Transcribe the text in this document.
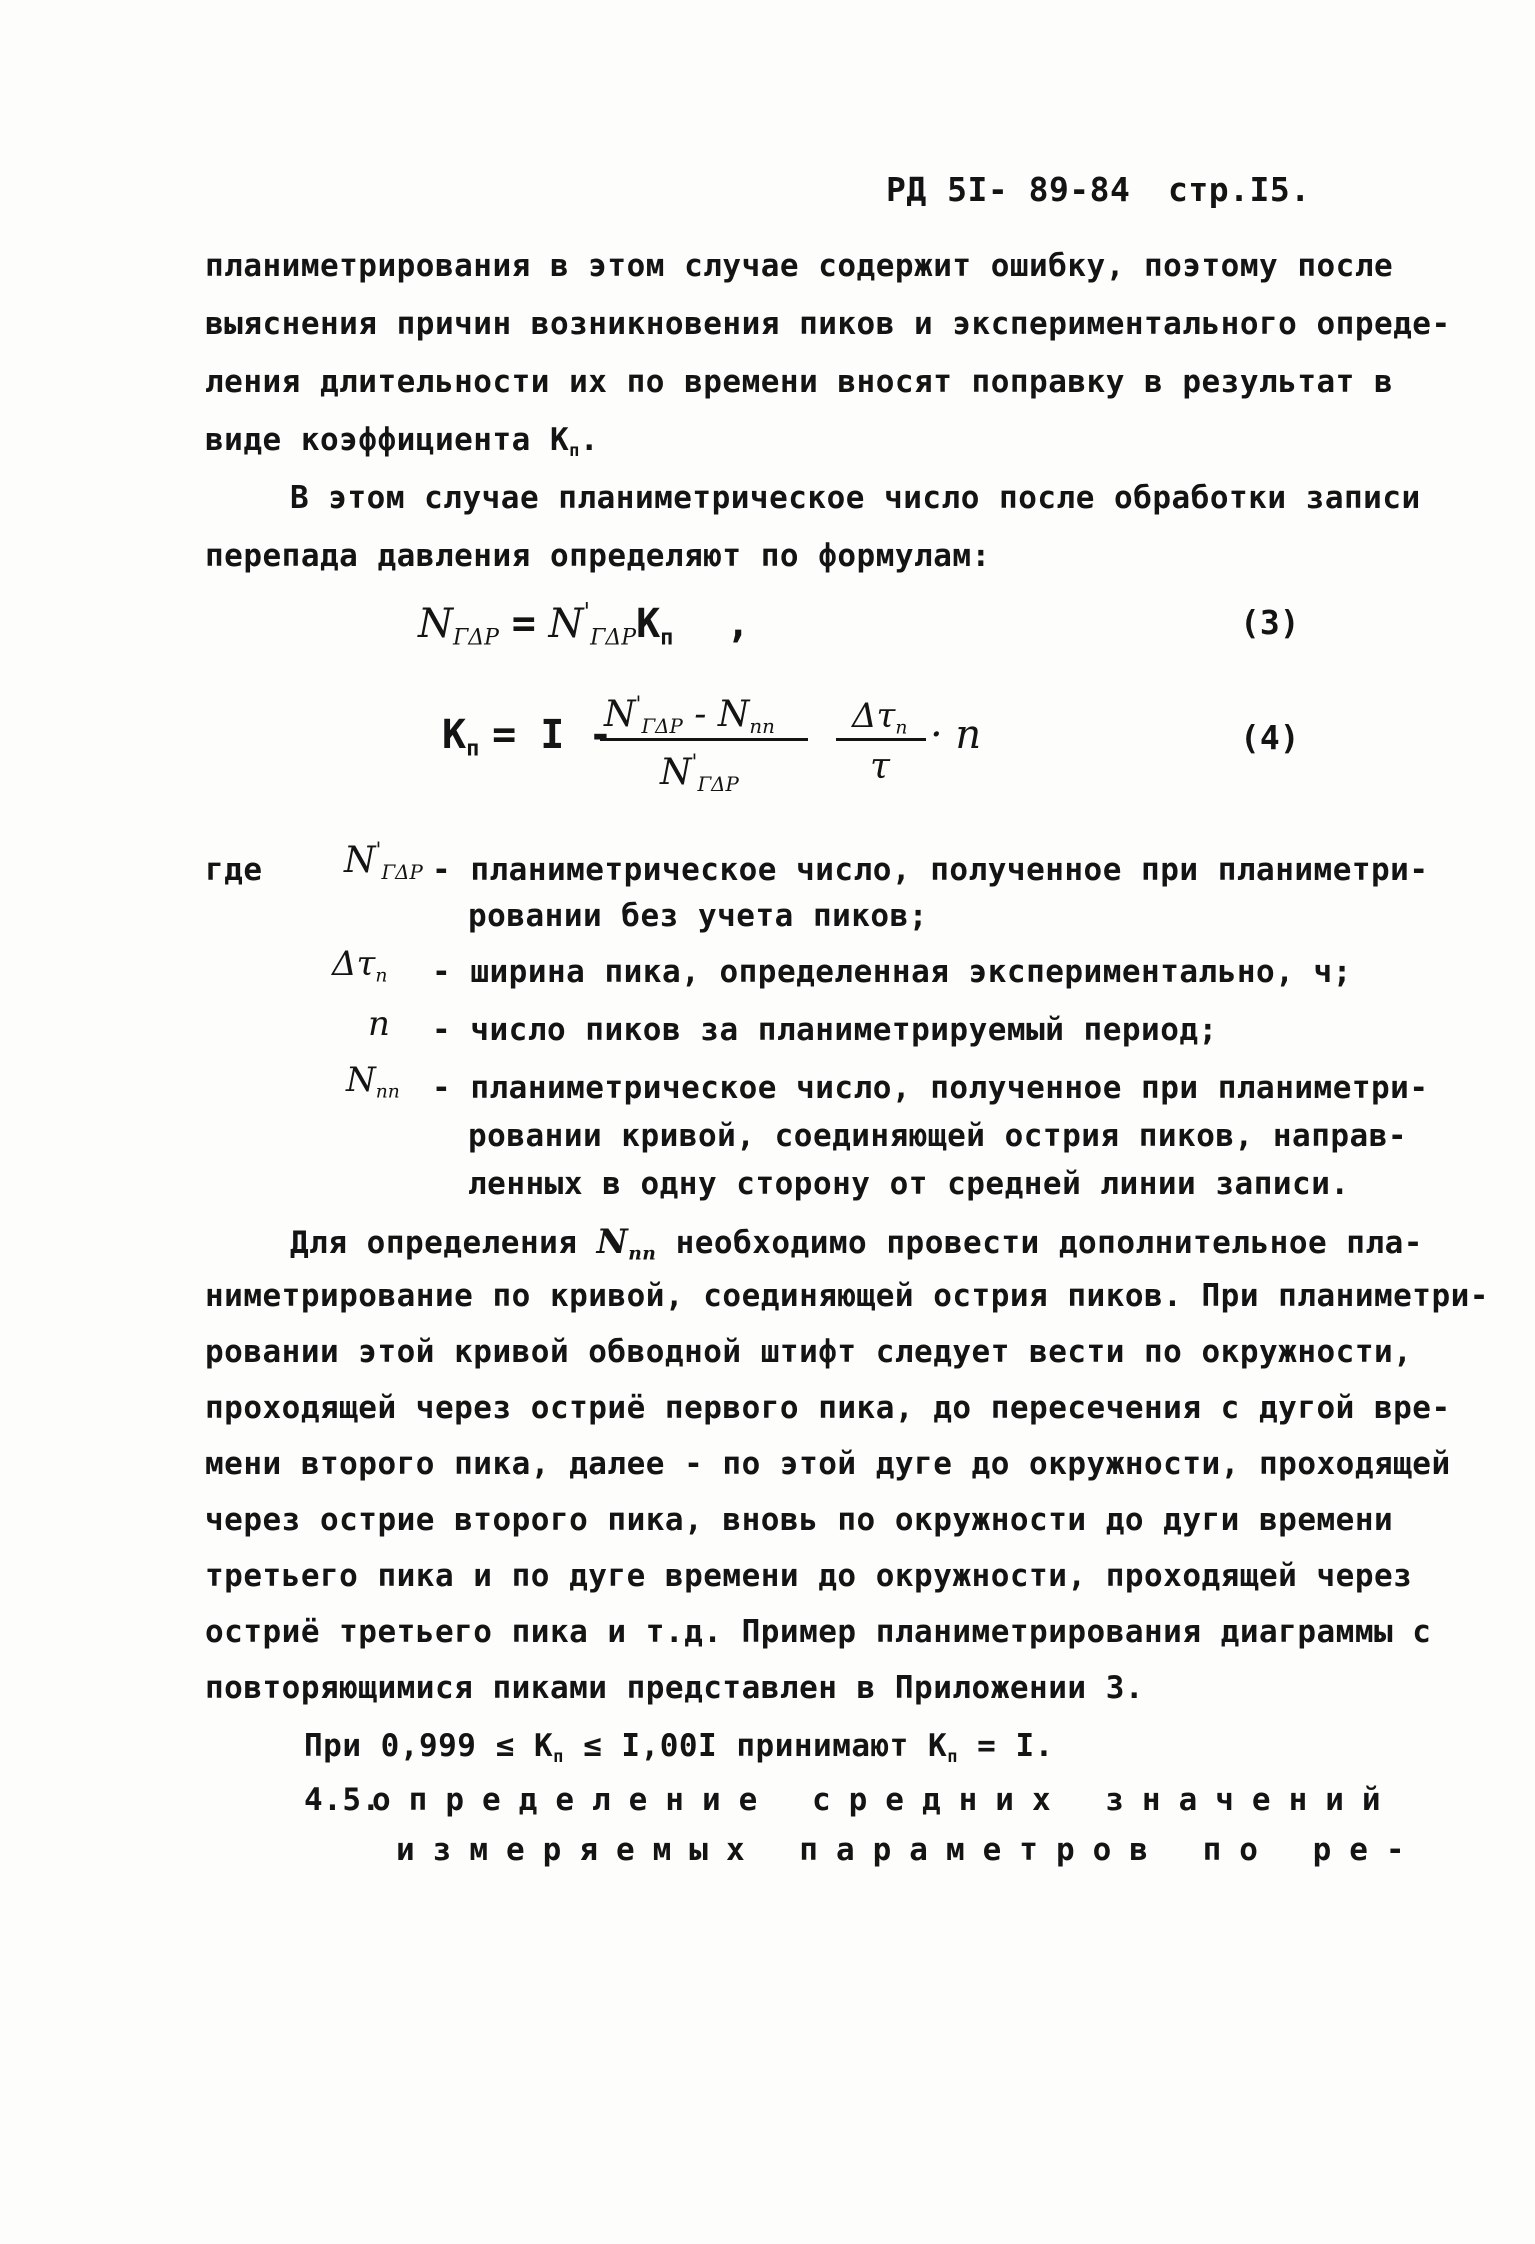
РД 5I- 89-84 стр.I5.
планиметрирования в этом случае содержит ошибку, поэтому после
выяснения причин возникновения пиков и экспериментального опреде-
ления длительности их по времени вносят поправку в результат в
виде коэффициента $К_п$.
В этом случае планиметрическое число после обработки записи
перепада давления определяют по формулам:
$N_{\Gamma\Delta P} = N'_{\Gamma\Delta P}К_п$ ,	(3)
$К_п = I$ -
$N'_{\Gamma\Delta P} - N_{пп}$
$N'_{\Gamma\Delta P}$
$\Delta\tau_п$
τ
· n	(4)
где $N'_{\Gamma\Delta P}$ - планиметрическое число, полученное при планиметри-
ровании без учета пиков;
$\Delta\tau_п$ - ширина пика, определенная экспериментально, ч;
n - число пиков за планиметрируемый период;
$N_{пп}$ - планиметрическое число, полученное при планиметри-
ровании кривой, соединяющей острия пиков, направ-
ленных в одну сторону от средней линии записи.
Для определения $N_{пп}$ необходимо провести дополнительное пла-
ниметрирование по кривой, соединяющей острия пиков. При планиметри-
ровании этой кривой обводной штифт следует вести по окружности,
проходящей через остриё первого пика, до пересечения с дугой вре-
мени второго пика, далее - по этой дуге до окружности, проходящей
через острие второго пика, вновь по окружности до дуги времени
третьего пика и по дуге времени до окружности, проходящей через
остриё третьего пика и т.д. Пример планиметрирования диаграммы с
повторяющимися пиками представлен в Приложении 3.
При $0,999 \le К_п \le I,00I$ принимают $К_п = I$.
4.5.
определение средних значений
измеряемых параметров по ре-
